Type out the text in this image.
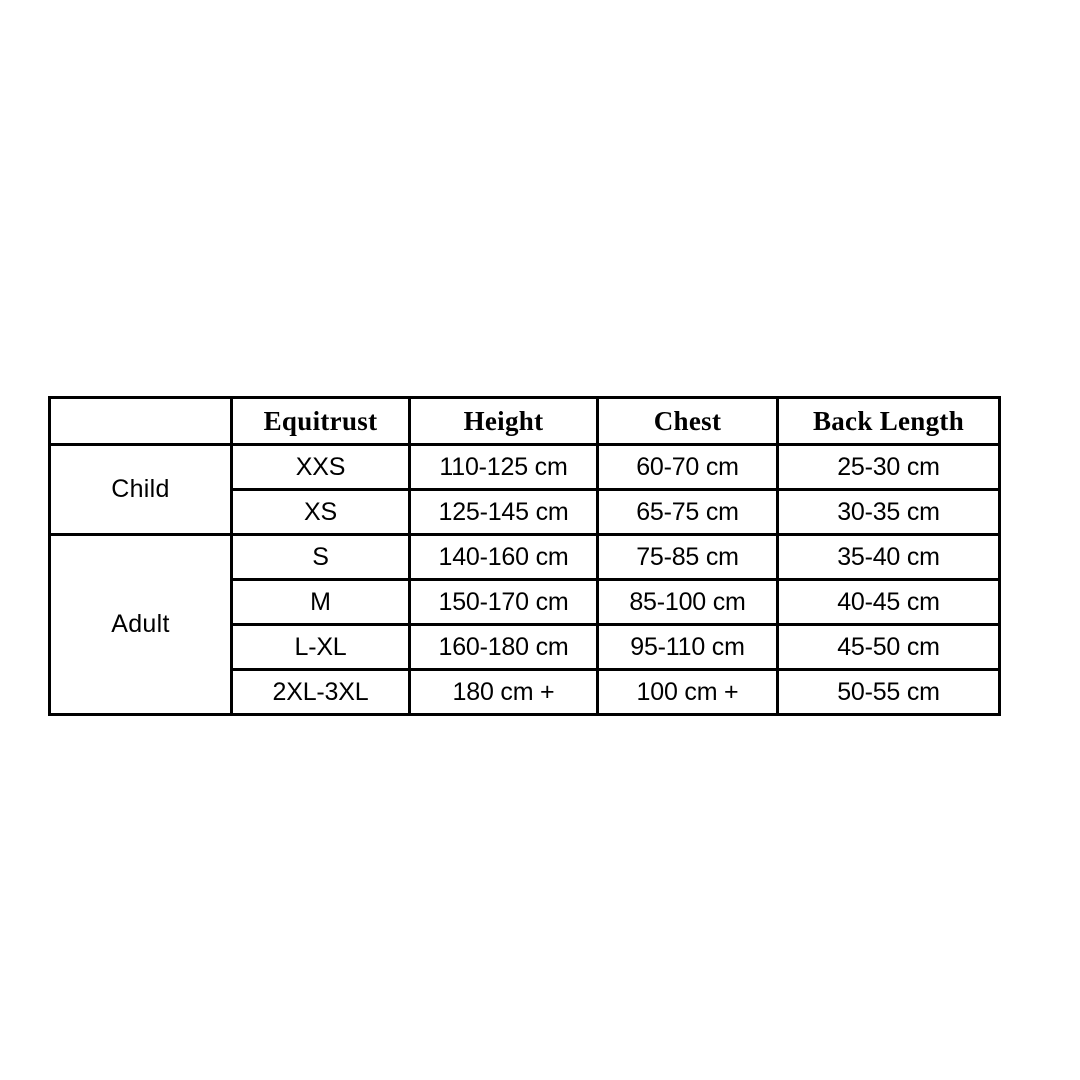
	Equitrust	Height	Chest	Back Length
Child	XXS	110-125 cm	60-70 cm	25-30 cm
	XS	125-145 cm	65-75 cm	30-35 cm
Adult	S	140-160 cm	75-85 cm	35-40 cm
	M	150-170 cm	85-100 cm	40-45 cm
	L-XL	160-180 cm	95-110 cm	45-50 cm
	2XL-3XL	180 cm +	100 cm +	50-55 cm
